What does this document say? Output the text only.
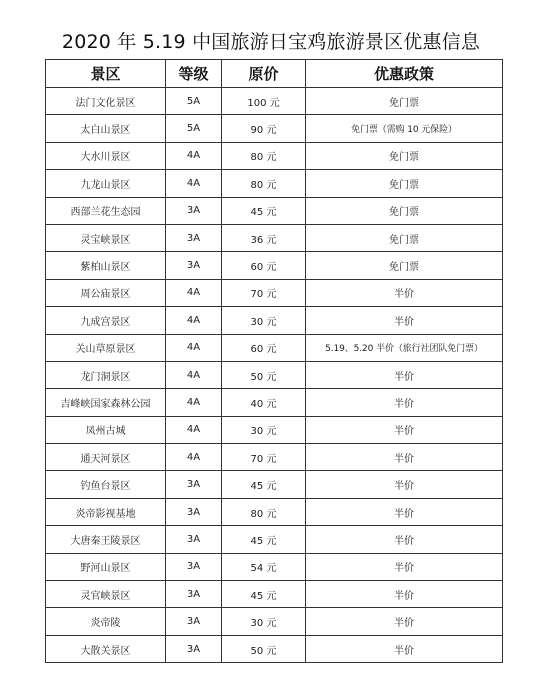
2020 年 5.19 中国旅游日宝鸡旅游景区优惠信息
景区	等级	原价	优惠政策
法门文化景区	5A	100 元	免门票
太白山景区	5A	90 元	免门票（需购 10 元保险）
大水川景区	4A	80 元	免门票
九龙山景区	4A	80 元	免门票
西部兰花生态园	3A	45 元	免门票
灵宝峡景区	3A	36 元	免门票
紫柏山景区	3A	60 元	免门票
周公庙景区	4A	70 元	半价
九成宫景区	4A	30 元	半价
关山草原景区	4A	60 元	5.19、5.20 半价（旅行社团队免门票）
龙门洞景区	4A	50 元	半价
吉峰峡国家森林公园	4A	40 元	半价
凤州古城	4A	30 元	半价
通天河景区	4A	70 元	半价
钓鱼台景区	3A	45 元	半价
炎帝影视基地	3A	80 元	半价
大唐秦王陵景区	3A	45 元	半价
野河山景区	3A	54 元	半价
灵官峡景区	3A	45 元	半价
炎帝陵	3A	30 元	半价
大散关景区	3A	50 元	半价
